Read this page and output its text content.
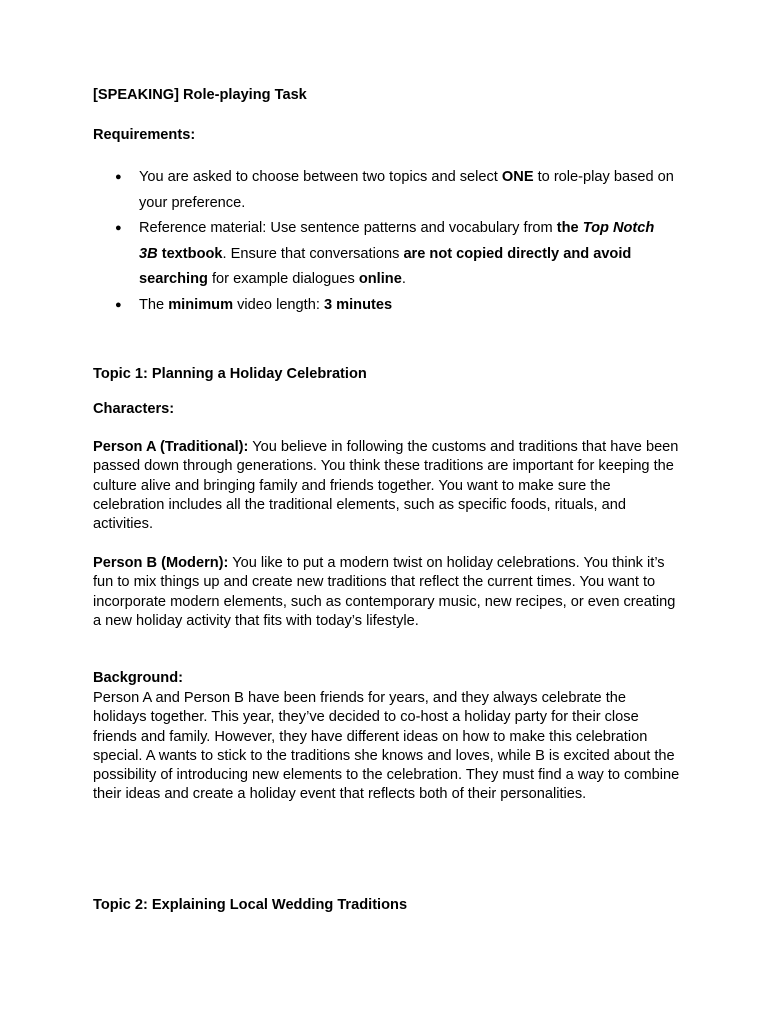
[SPEAKING] Role-playing Task
Requirements:
● You are asked to choose between two topics and select ONE to role-play based on your preference.
● Reference material: Use sentence patterns and vocabulary from the Top Notch 3B textbook. Ensure that conversations are not copied directly and avoid searching for example dialogues online.
● The minimum video length: 3 minutes
Topic 1: Planning a Holiday Celebration
Characters:
Person A (Traditional): You believe in following the customs and traditions that have been passed down through generations. You think these traditions are important for keeping the culture alive and bringing family and friends together. You want to make sure the celebration includes all the traditional elements, such as specific foods, rituals, and activities.
Person B (Modern): You like to put a modern twist on holiday celebrations. You think it’s fun to mix things up and create new traditions that reflect the current times. You want to incorporate modern elements, such as contemporary music, new recipes, or even creating a new holiday activity that fits with today’s lifestyle.
Background:
Person A and Person B have been friends for years, and they always celebrate the holidays together. This year, they’ve decided to co-host a holiday party for their close friends and family. However, they have different ideas on how to make this celebration special. A wants to stick to the traditions she knows and loves, while B is excited about the possibility of introducing new elements to the celebration. They must find a way to combine their ideas and create a holiday event that reflects both of their personalities.
Topic 2: Explaining Local Wedding Traditions
